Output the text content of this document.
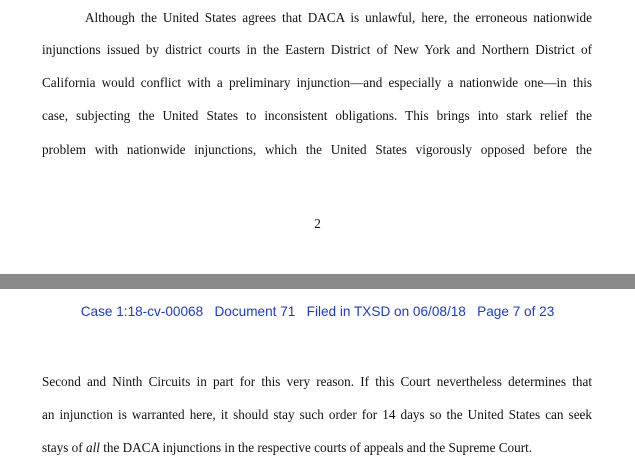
Although the United States agrees that DACA is unlawful, here, the erroneous nationwide
injunctions issued by district courts in the Eastern District of New York and Northern District of
California would conflict with a preliminary injunction—and especially a nationwide one—in this
case, subjecting the United States to inconsistent obligations. This brings into stark relief the
problem with nationwide injunctions, which the United States vigorously opposed before the
2
Case 1:18-cv-00068   Document 71   Filed in TXSD on 06/08/18   Page 7 of 23
Second and Ninth Circuits in part for this very reason. If this Court nevertheless determines that
an injunction is warranted here, it should stay such order for 14 days so the United States can seek
stays of all the DACA injunctions in the respective courts of appeals and the Supreme Court.
